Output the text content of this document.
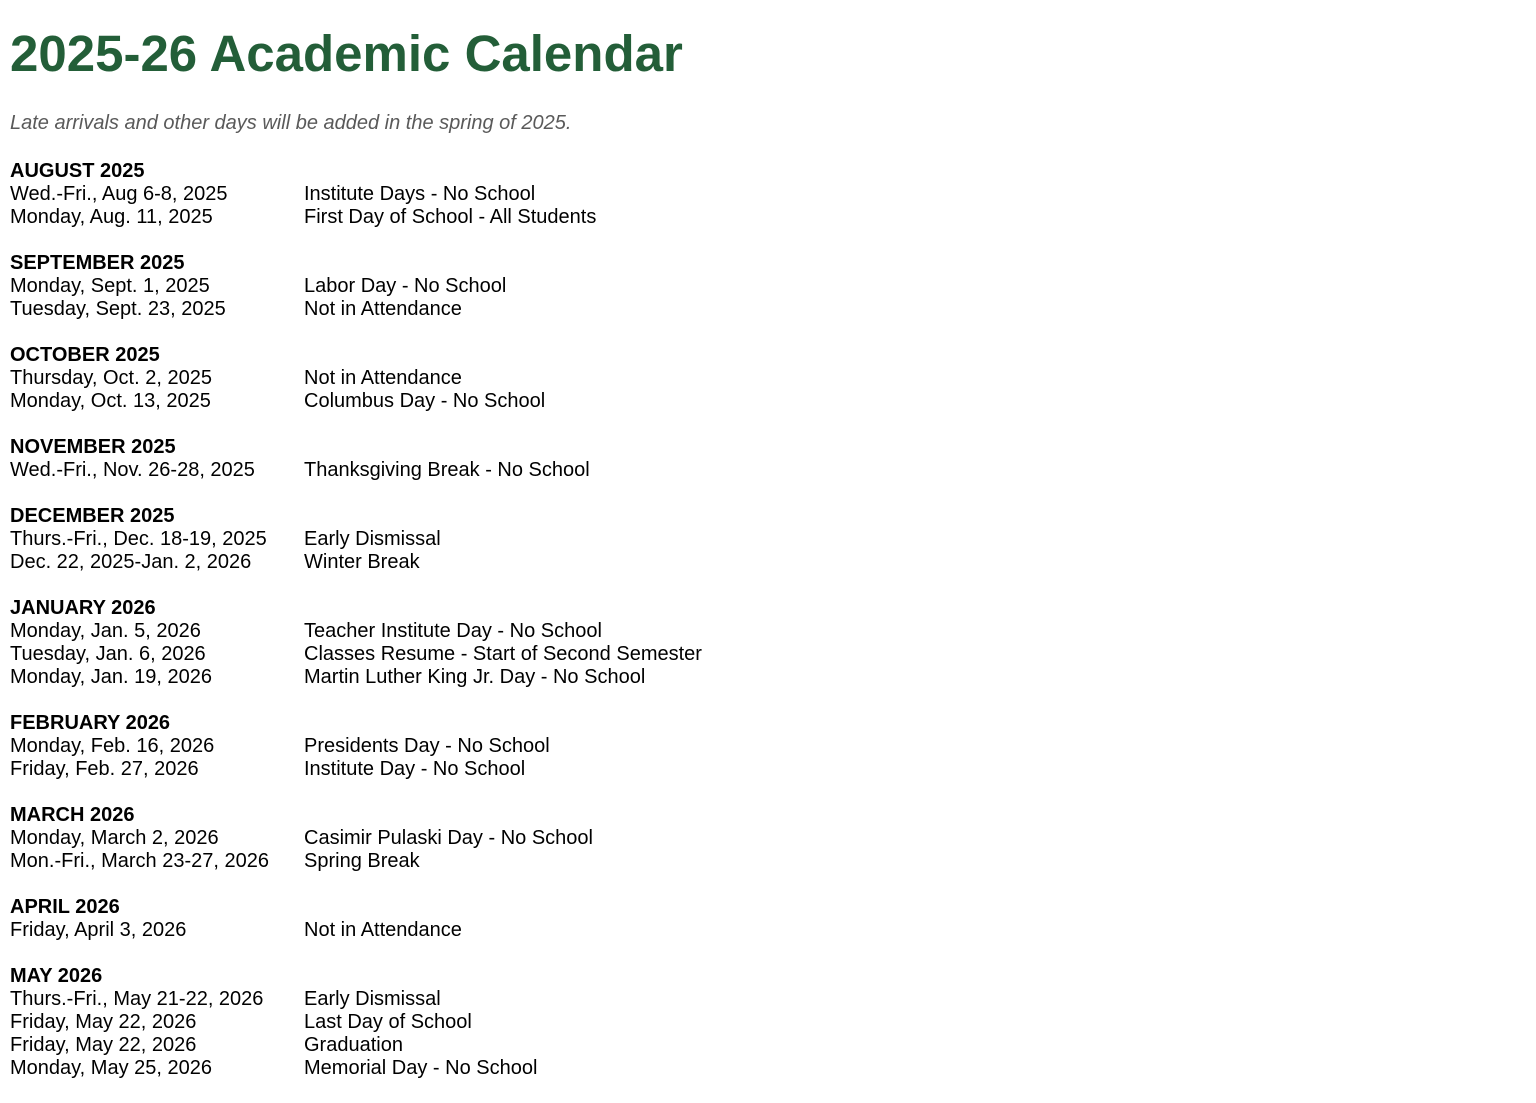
2025-26 Academic Calendar
Late arrivals and other days will be added in the spring of 2025.
AUGUST 2025
Wed.-Fri., Aug 6-8, 2025	Institute Days - No School
Monday, Aug. 11, 2025	First Day of School - All Students
SEPTEMBER 2025
Monday, Sept. 1, 2025	Labor Day - No School
Tuesday, Sept. 23, 2025	Not in Attendance
OCTOBER 2025
Thursday, Oct. 2, 2025	Not in Attendance
Monday, Oct. 13, 2025	Columbus Day - No School
NOVEMBER 2025
Wed.-Fri., Nov. 26-28, 2025	Thanksgiving Break - No School
DECEMBER 2025
Thurs.-Fri., Dec. 18-19, 2025	Early Dismissal
Dec. 22, 2025-Jan. 2, 2026	Winter Break
JANUARY 2026
Monday, Jan. 5, 2026	Teacher Institute Day - No School
Tuesday, Jan. 6, 2026	Classes Resume - Start of Second Semester
Monday, Jan. 19, 2026	Martin Luther King Jr. Day - No School
FEBRUARY 2026
Monday, Feb. 16, 2026	Presidents Day - No School
Friday, Feb. 27, 2026	Institute Day - No School
MARCH 2026
Monday, March 2, 2026	Casimir Pulaski Day - No School
Mon.-Fri., March 23-27, 2026	Spring Break
APRIL 2026
Friday, April 3, 2026	Not in Attendance
MAY 2026
Thurs.-Fri., May 21-22, 2026	Early Dismissal
Friday, May 22, 2026	Last Day of School
Friday, May 22, 2026	Graduation
Monday, May 25, 2026	Memorial Day - No School
